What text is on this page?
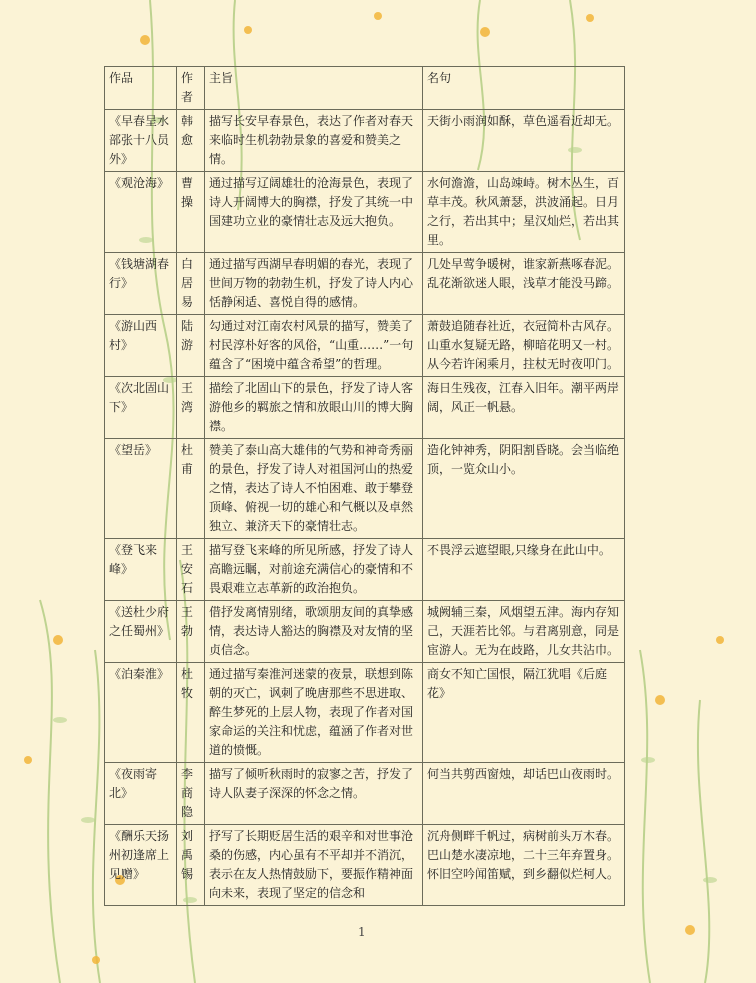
作品	作者	主旨	名句
《早春呈水部张十八员外》	韩愈	描写长安早春景色，表达了作者对春天来临时生机勃勃景象的喜爱和赞美之情。	天街小雨润如酥，草色遥看近却无。
《观沧海》	曹操	通过描写辽阔雄壮的沧海景色，表现了诗人开阔博大的胸襟，抒发了其统一中国建功立业的豪情壮志及远大抱负。	水何澹澹，山岛竦峙。树木丛生，百草丰茂。秋风萧瑟，洪波涌起。日月之行，若出其中；星汉灿烂，若出其里。
《钱塘湖春行》	白居易	通过描写西湖早春明媚的春光，表现了世间万物的勃勃生机，抒发了诗人内心恬静闲适、喜悦自得的感情。	几处早莺争暖树，谁家新燕啄春泥。乱花渐欲迷人眼，浅草才能没马蹄。
《游山西村》	陆游	勾通过对江南农村风景的描写，赞美了村民淳朴好客的风俗，“山重……”一句蕴含了“困境中蕴含希望”的哲理。	萧鼓追随春社近，衣冠简朴古风存。山重水复疑无路，柳暗花明又一村。从今若许闲乘月，拄杖无时夜叩门。
《次北固山下》	王湾	描绘了北固山下的景色，抒发了诗人客游他乡的羁旅之情和放眼山川的博大胸襟。	海日生残夜，江春入旧年。潮平两岸阔，风正一帆悬。
《望岳》	杜甫	赞美了泰山高大雄伟的气势和神奇秀丽的景色，抒发了诗人对祖国河山的热爱之情，表达了诗人不怕困难、敢于攀登顶峰、俯视一切的雄心和气概以及卓然独立、兼济天下的豪情壮志。	造化钟神秀，阴阳割昏晓。会当临绝顶，一览众山小。
《登飞来峰》	王安石	描写登飞来峰的所见所感，抒发了诗人高瞻远瞩，对前途充满信心的豪情和不畏艰难立志革新的政治抱负。	不畏浮云遮望眼,只缘身在此山中。
《送杜少府之任蜀州》	王勃	借抒发离情别绪，歌颂朋友间的真挚感情，表达诗人豁达的胸襟及对友情的坚贞信念。	城阙辅三秦，风烟望五津。海内存知己，天涯若比邻。与君离别意，同是宦游人。无为在歧路，儿女共沾巾。
《泊秦淮》	杜牧	通过描写秦淮河迷蒙的夜景，联想到陈朝的灭亡，讽刺了晚唐那些不思进取、醉生梦死的上层人物，表现了作者对国家命运的关注和忧虑，蕴涵了作者对世道的愤慨。	商女不知亡国恨，隔江犹唱《后庭花》
《夜雨寄北》	李商隐	描写了倾听秋雨时的寂寥之苦，抒发了诗人队妻子深深的怀念之情。	何当共剪西窗烛，却话巴山夜雨时。
《酬乐天扬州初逢席上见赠》	刘禹锡	抒写了长期贬居生活的艰辛和对世事沧桑的伤感，内心虽有不平却并不消沉，表示在友人热情鼓励下，要振作精神面向未来，表现了坚定的信念和	沉舟侧畔千帆过，病树前头万木春。巴山楚水凄凉地，二十三年弃置身。怀旧空吟闻笛赋，到乡翻似烂柯人。
1
